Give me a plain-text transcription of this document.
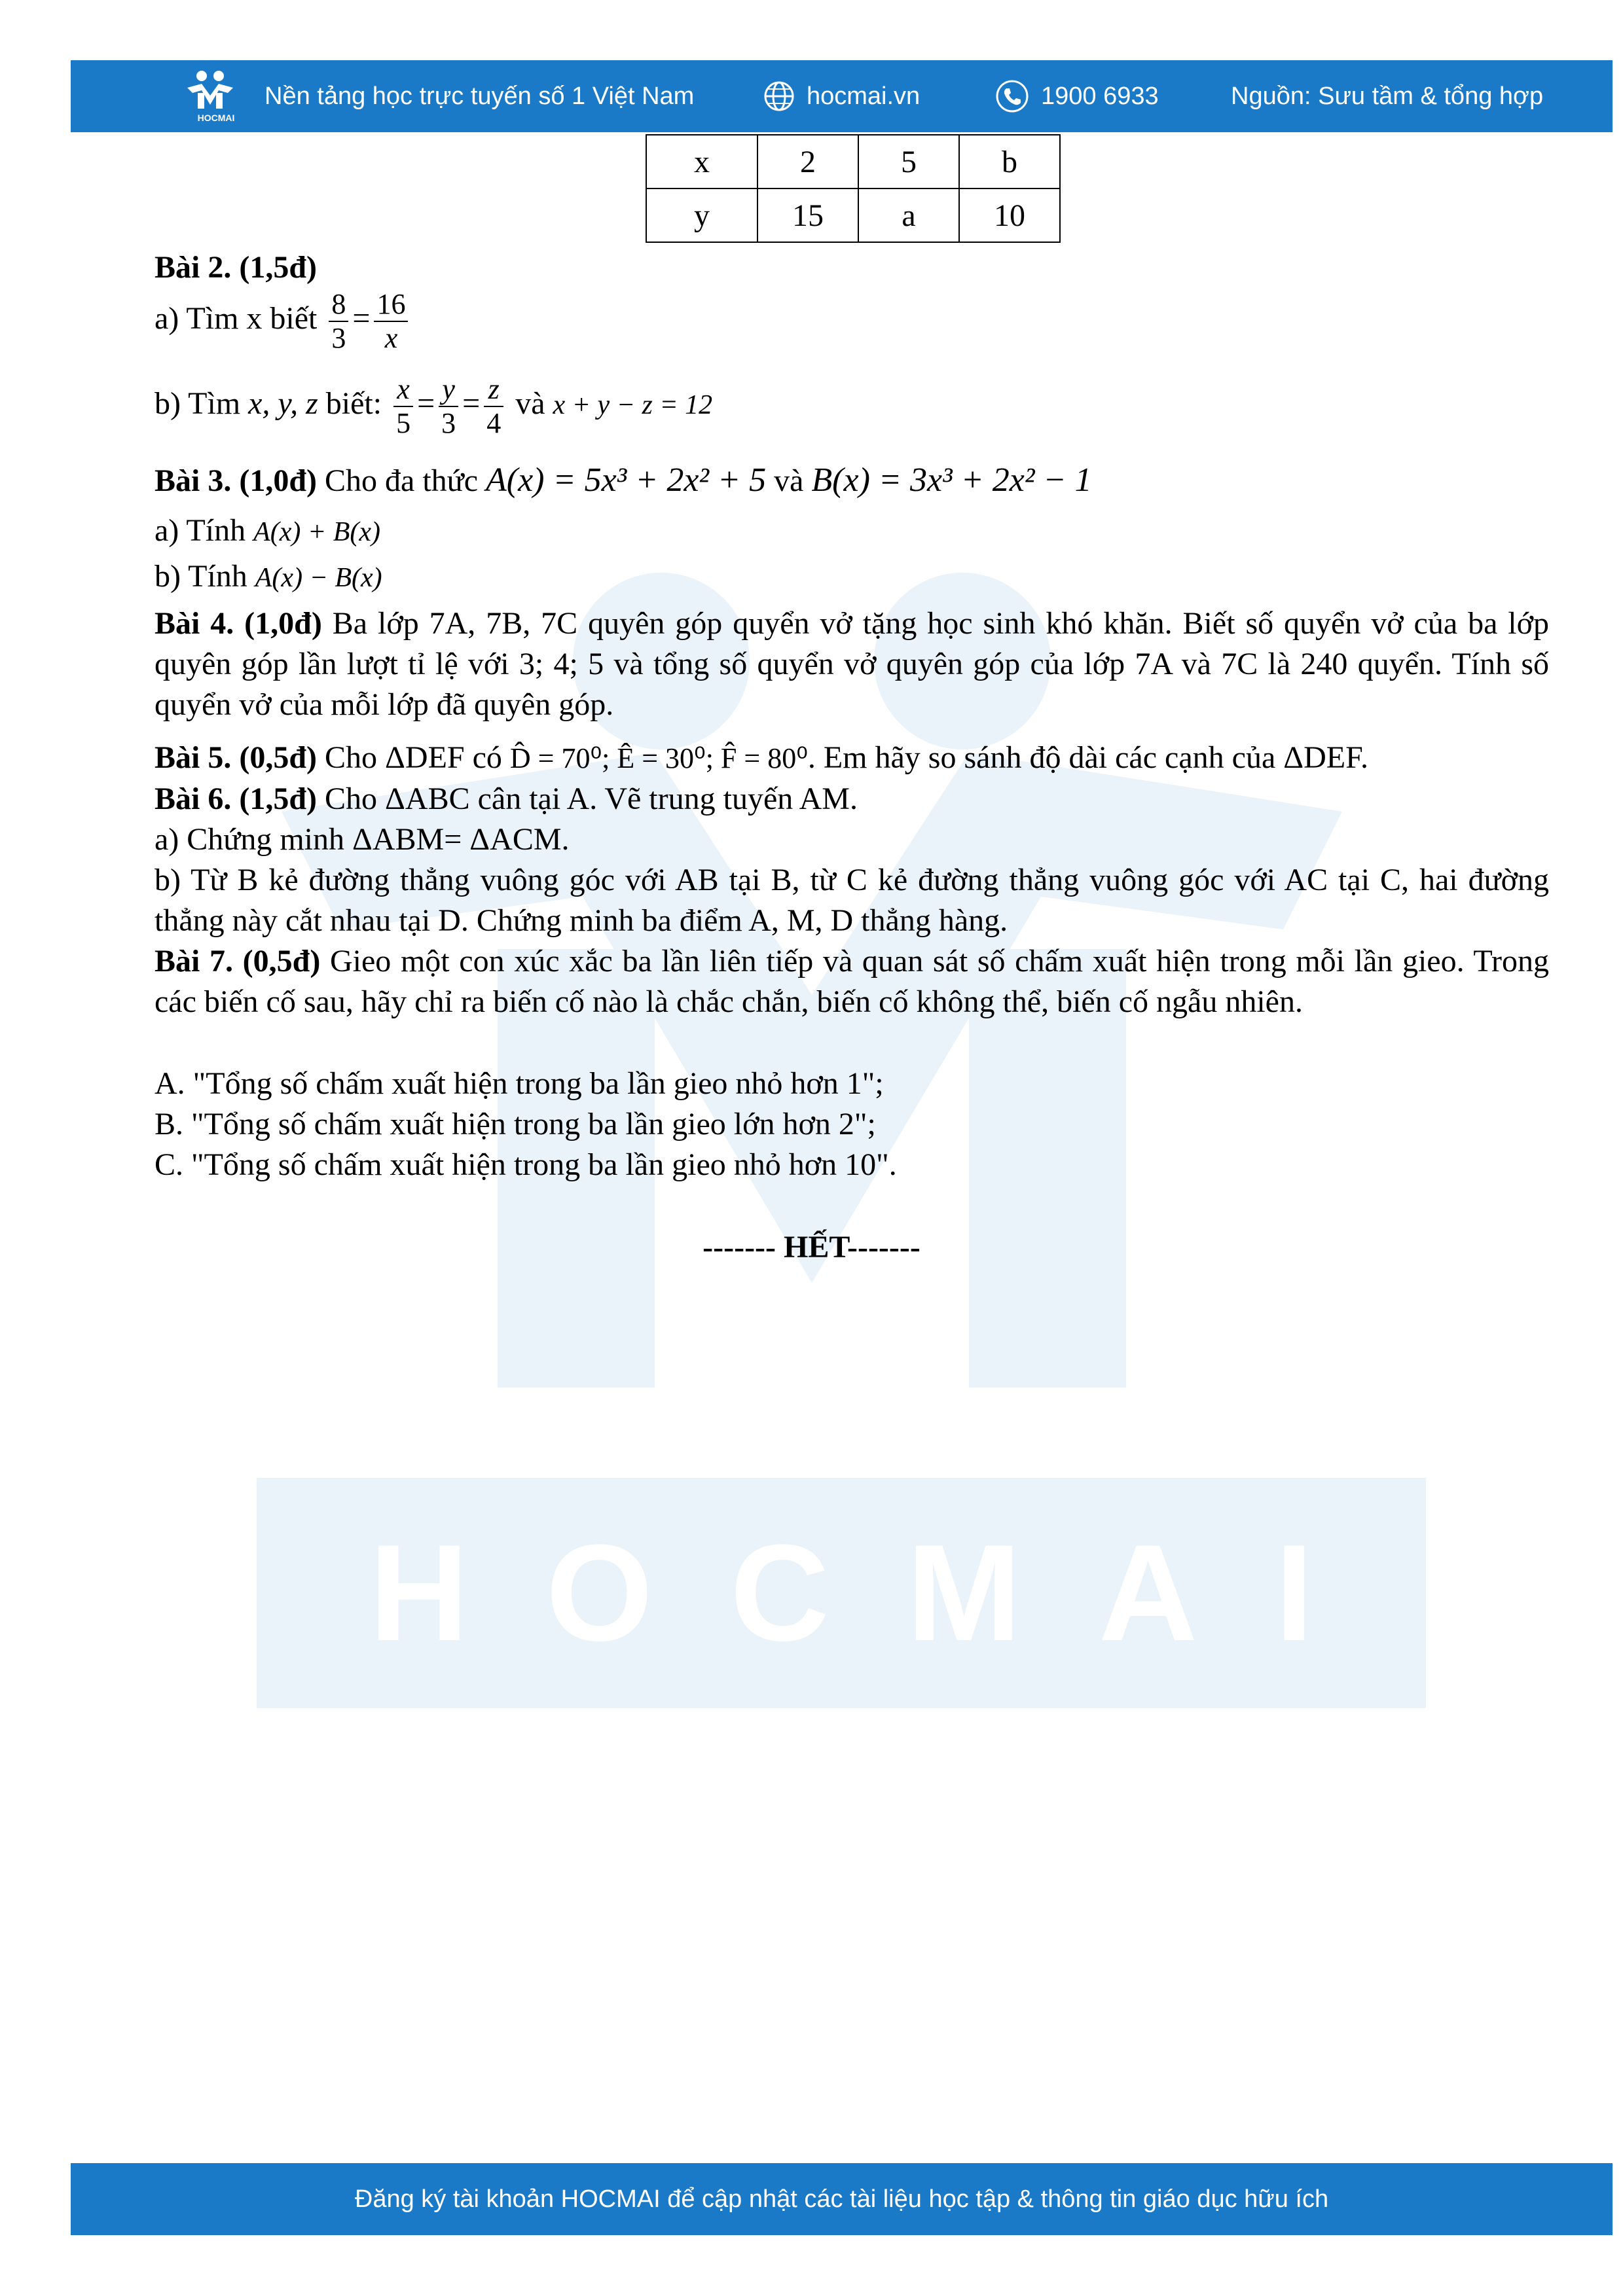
HOCMAI
Nền tảng học trực tuyến số 1 Việt Nam	hocmai.vn	1900 6933	Nguồn: Sưu tầm & tổng hợp
HOCMAI
x	2	5	b
y	15	a	10
Bài 2. (1,5đ)
a) Tìm x biết $\frac{8}{3} = \frac{16}{x}$
b) Tìm x, y, z biết: $\frac{x}{5} = \frac{y}{3} = \frac{z}{4}$ và x + y − z = 12
Bài 3. (1,0đ) Cho đa thức A(x) = 5x³ + 2x² + 5 và B(x) = 3x³ + 2x² − 1
a) Tính A(x) + B(x)
b) Tính A(x) − B(x)
Bài 4. (1,0đ) Ba lớp 7A, 7B, 7C quyên góp quyển vở tặng học sinh khó khăn. Biết số quyển vở của ba lớp quyên góp lần lượt tỉ lệ với 3; 4; 5 và tổng số quyển vở quyên góp của lớp 7A và 7C là 240 quyển. Tính số quyển vở của mỗi lớp đã quyên góp.
Bài 5. (0,5đ) Cho ΔDEF có D̂ = 70⁰; Ê = 30⁰; F̂ = 80⁰. Em hãy so sánh độ dài các cạnh của ΔDEF.
Bài 6. (1,5đ) Cho ΔABC cân tại A. Vẽ trung tuyến AM.
a) Chứng minh ΔABM= ΔACM.
b) Từ B kẻ đường thẳng vuông góc với AB tại B, từ C kẻ đường thẳng vuông góc với AC tại C, hai đường thẳng này cắt nhau tại D. Chứng minh ba điểm A, M, D thẳng hàng.
Bài 7. (0,5đ) Gieo một con xúc xắc ba lần liên tiếp và quan sát số chấm xuất hiện trong mỗi lần gieo. Trong các biến cố sau, hãy chỉ ra biến cố nào là chắc chắn, biến cố không thể, biến cố ngẫu nhiên.
A. "Tổng số chấm xuất hiện trong ba lần gieo nhỏ hơn 1";
B. "Tổng số chấm xuất hiện trong ba lần gieo lớn hơn 2";
C. "Tổng số chấm xuất hiện trong ba lần gieo nhỏ hơn 10".
------- HẾT-------
Đăng ký tài khoản HOCMAI để cập nhật các tài liệu học tập & thông tin giáo dục hữu ích
